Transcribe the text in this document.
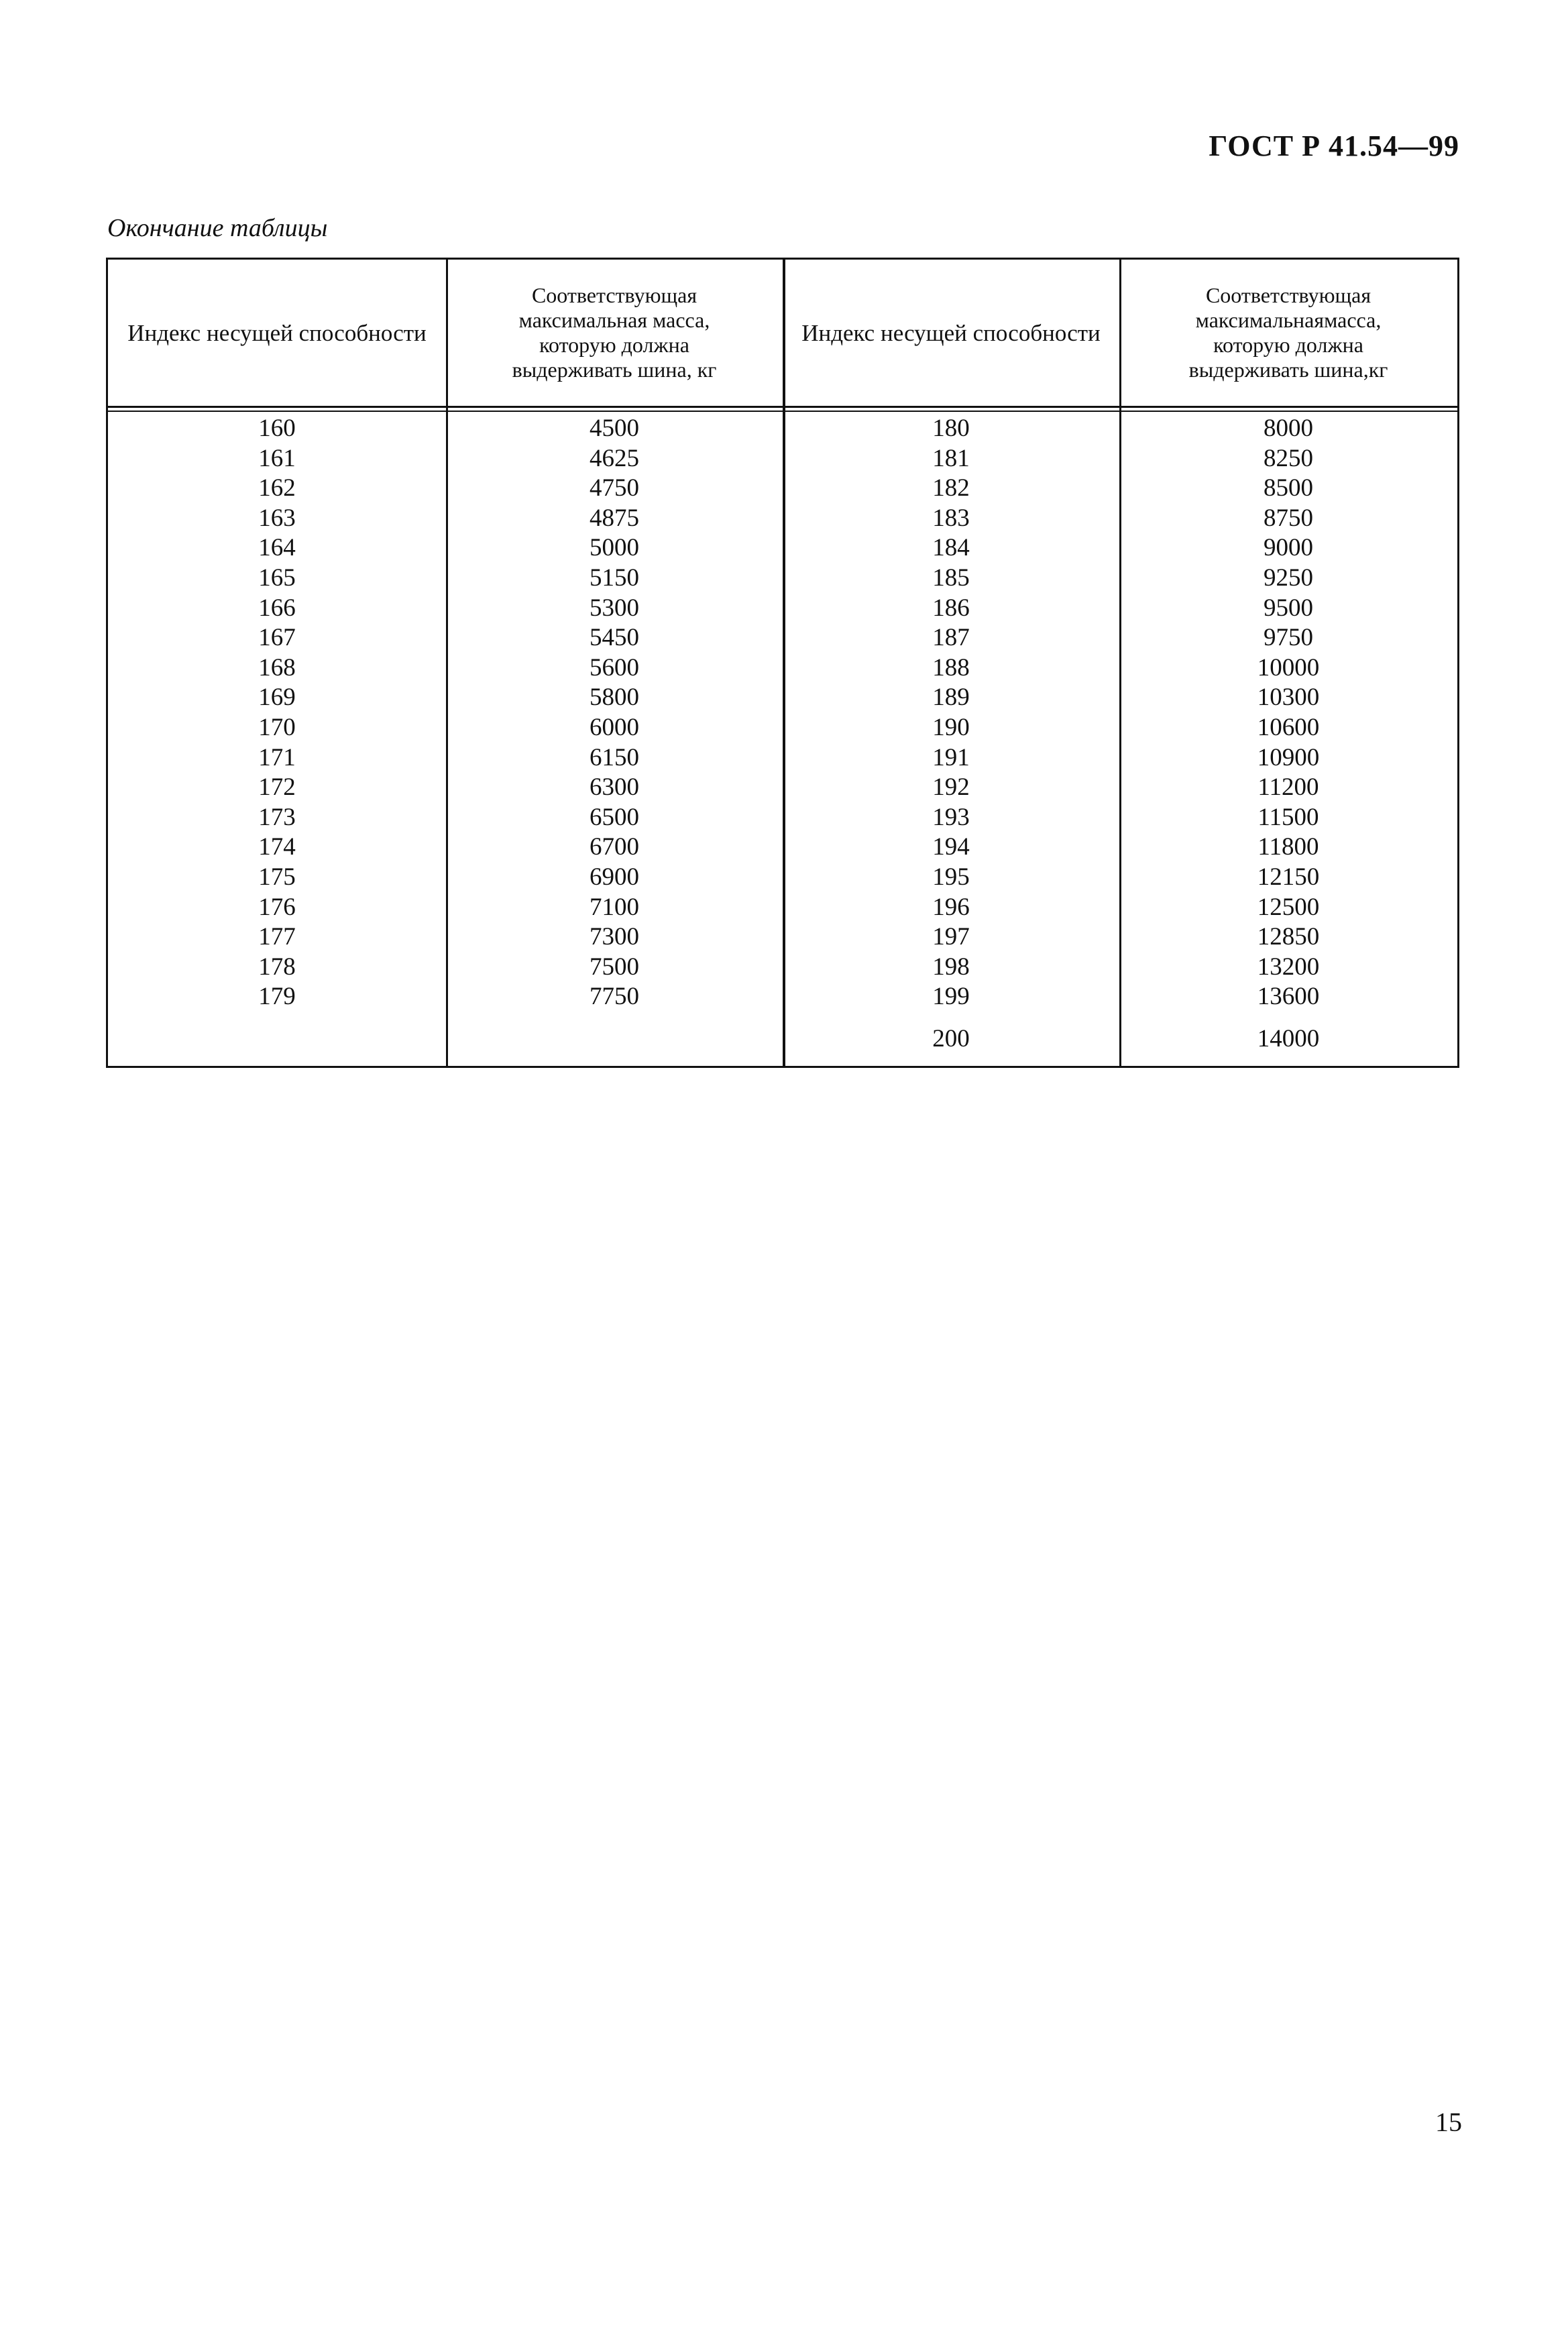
ГОСТ Р 41.54—99
Окончание таблицы
Индекс несущей способности
Соответствующая
максимальная масса,
которую должна
выдерживать шина, кг
Индекс несущей способности
Соответствующая
максимальнаямасса,
которую должна
выдерживать шина,кг
160
161
162
163
164
165
166
167
168
169
170
171
172
173
174
175
176
177
178
179
4500
4625
4750
4875
5000
5150
5300
5450
5600
5800
6000
6150
6300
6500
6700
6900
7100
7300
7500
7750
180
181
182
183
184
185
186
187
188
189
190
191
192
193
194
195
196
197
198
199
8000
8250
8500
8750
9000
9250
9500
9750
10000
10300
10600
10900
11200
11500
11800
12150
12500
12850
13200
13600
200	14000
15
